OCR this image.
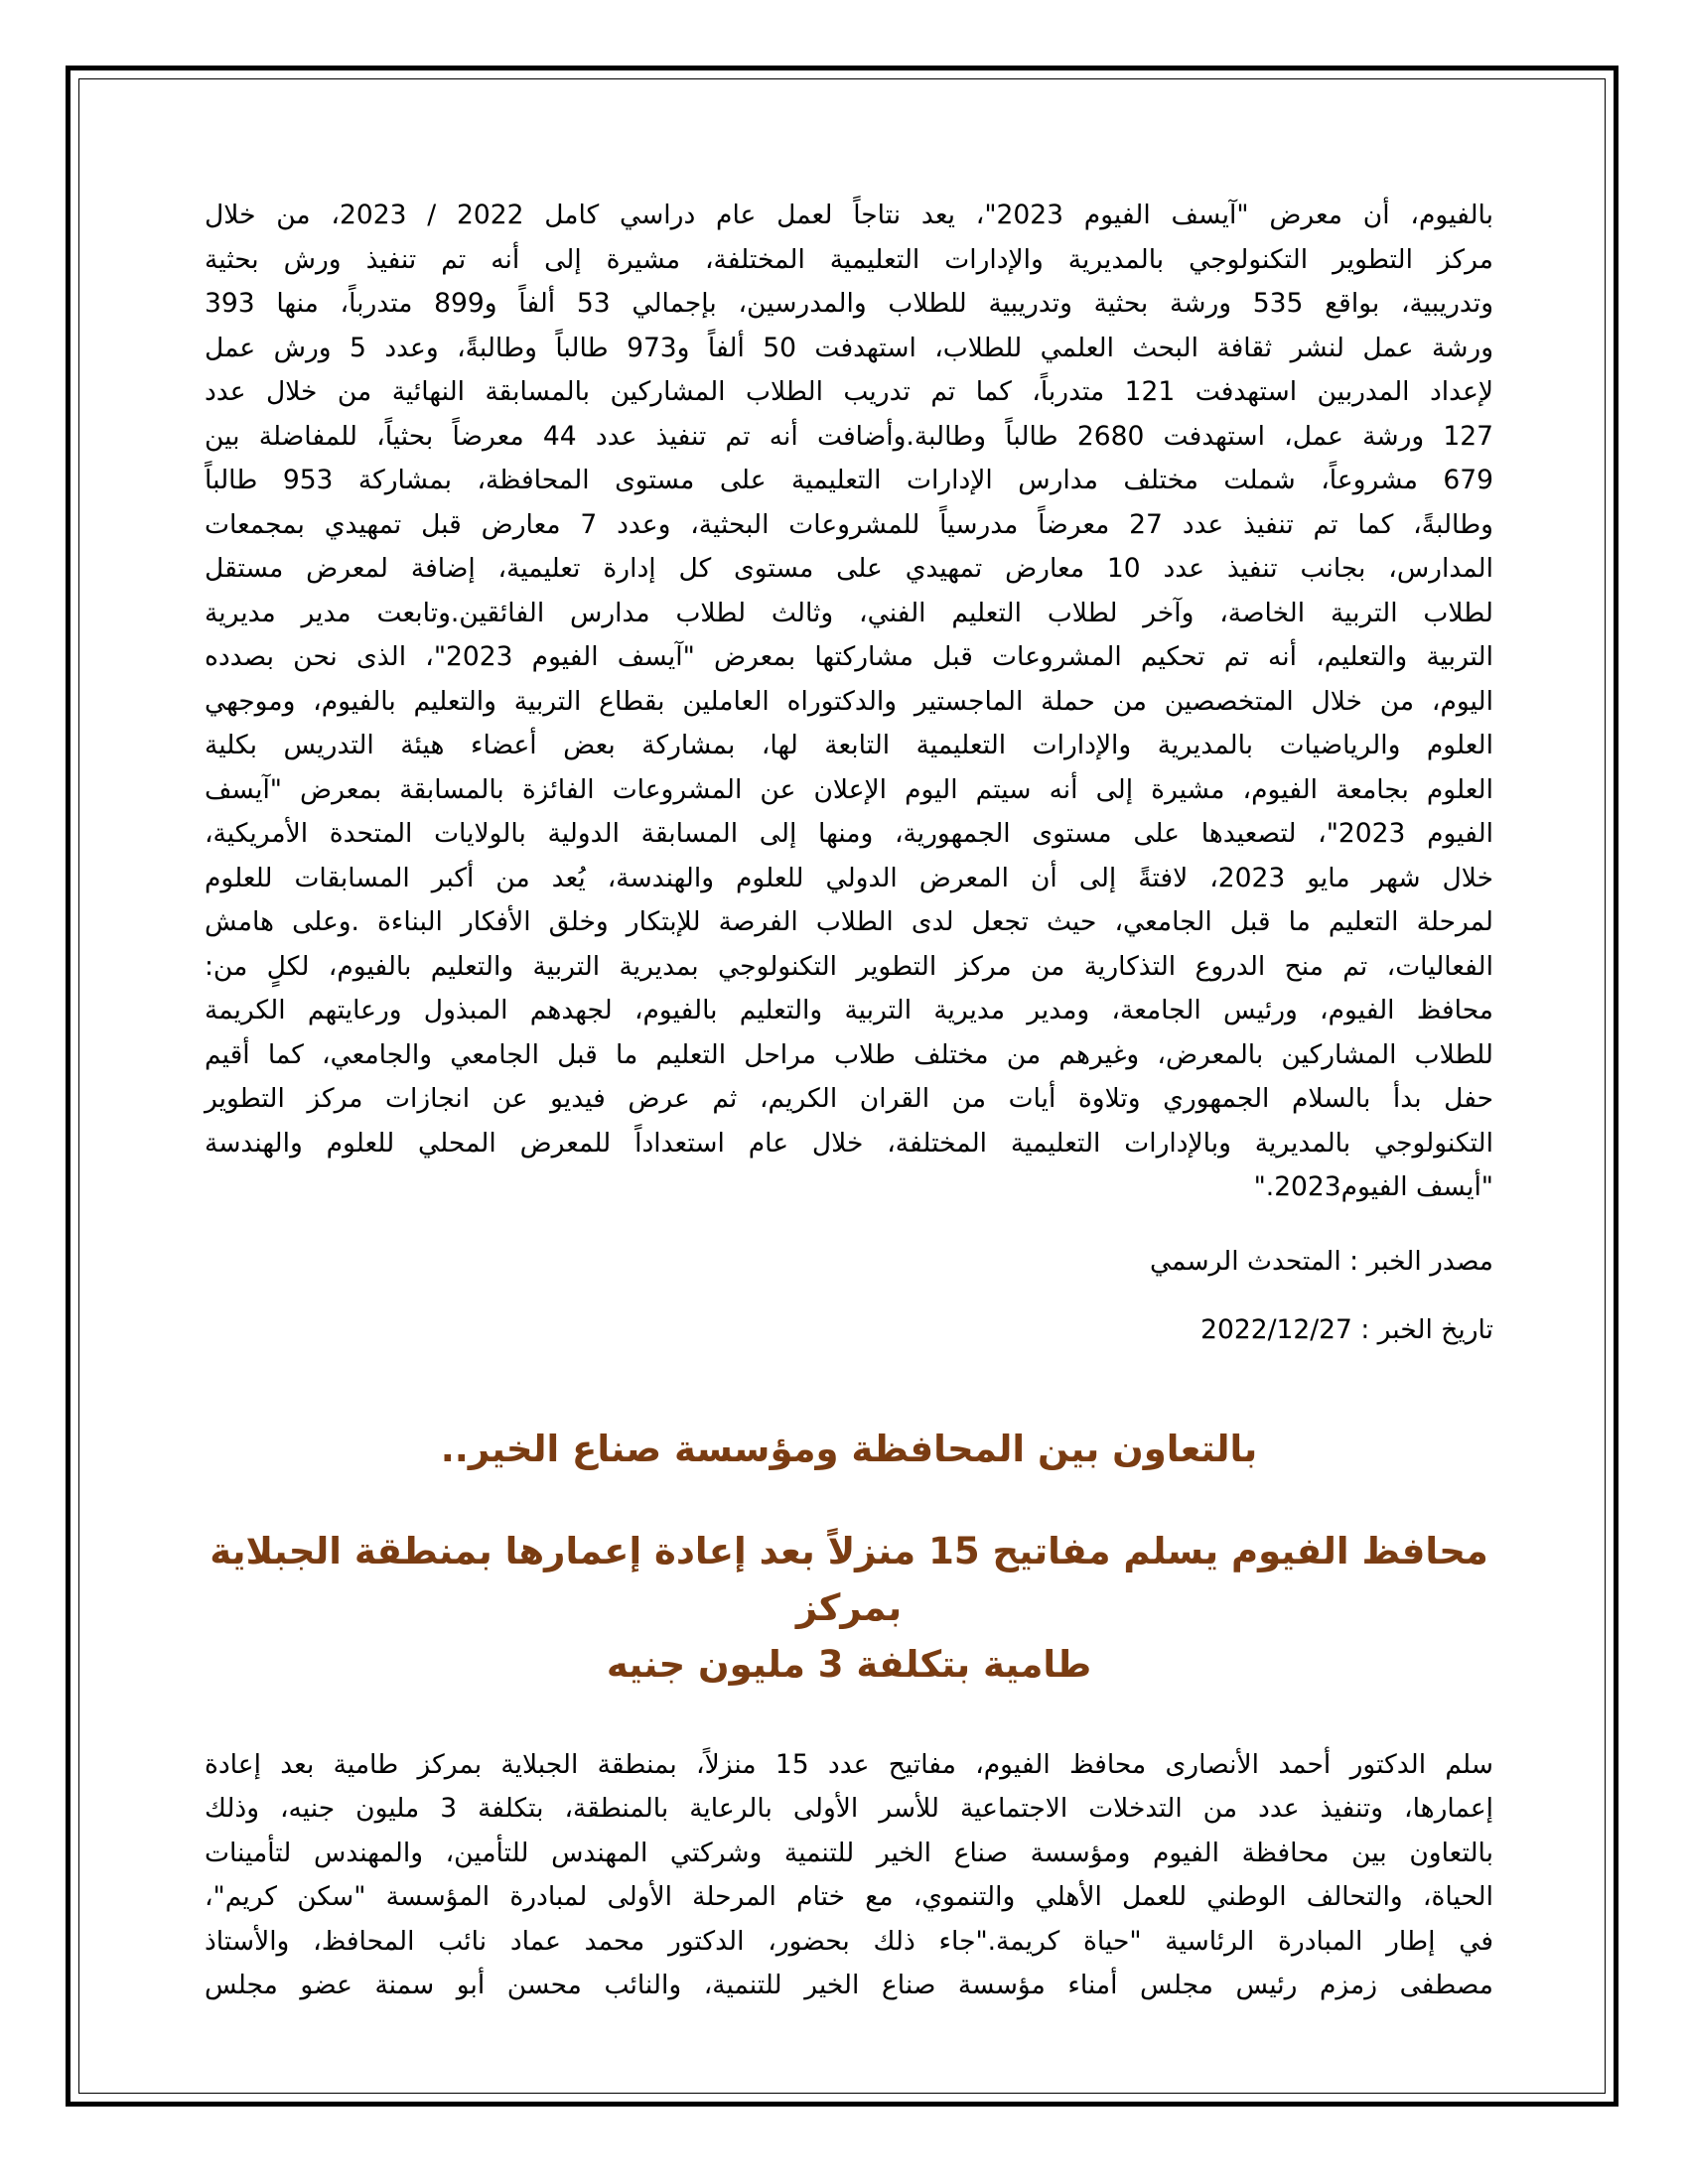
بالفيوم، أن معرض "آيسف الفيوم 2023"، يعد نتاجاً لعمل عام دراسي كامل 2022 / 2023، من خلال

مركز التطوير التكنولوجي بالمديرية والإدارات التعليمية المختلفة، مشيرة إلى أنه تم تنفيذ ورش بحثية

وتدريبية، بواقع 535 ورشة بحثية وتدريبية للطلاب والمدرسين، بإجمالي 53 ألفاً و899 متدرباً، منها 393

ورشة عمل لنشر ثقافة البحث العلمي للطلاب، استهدفت 50 ألفاً و973 طالباً وطالبةً، وعدد 5 ورش عمل

لإعداد المدربين استهدفت 121 متدرباً، كما تم تدريب الطلاب المشاركين بالمسابقة النهائية من خلال عدد

127 ورشة عمل، استهدفت 2680 طالباً وطالبة.وأضافت أنه تم تنفيذ عدد 44 معرضاً بحثياً، للمفاضلة بين

679 مشروعاً، شملت مختلف مدارس الإدارات التعليمية على مستوى المحافظة، بمشاركة 953 طالباً

وطالبةً، كما تم تنفيذ عدد 27 معرضاً مدرسياً للمشروعات البحثية، وعدد 7 معارض قبل تمهيدي بمجمعات

المدارس، بجانب تنفيذ عدد 10 معارض تمهيدي على مستوى كل إدارة تعليمية، إضافة لمعرض مستقل

لطلاب التربية الخاصة، وآخر لطلاب التعليم الفني، وثالث لطلاب مدارس الفائقين.وتابعت مدير مديرية

التربية والتعليم، أنه تم تحكيم المشروعات قبل مشاركتها بمعرض "آيسف الفيوم 2023"، الذى نحن بصدده

اليوم، من خلال المتخصصين من حملة الماجستير والدكتوراه العاملين بقطاع التربية والتعليم بالفيوم، وموجهي

العلوم والرياضيات بالمديرية والإدارات التعليمية التابعة لها، بمشاركة بعض أعضاء هيئة التدريس بكلية

العلوم بجامعة الفيوم، مشيرة إلى أنه سيتم اليوم الإعلان عن المشروعات الفائزة بالمسابقة بمعرض "آيسف

الفيوم 2023"، لتصعيدها على مستوى الجمهورية، ومنها إلى المسابقة الدولية بالولايات المتحدة الأمريكية،

خلال شهر مايو 2023، لافتةً إلى أن المعرض الدولي للعلوم والهندسة، يُعد من أكبر المسابقات للعلوم

لمرحلة التعليم ما قبل الجامعي، حيث تجعل لدى الطلاب الفرصة للإبتكار وخلق الأفكار البناءة .وعلى هامش

الفعاليات، تم منح الدروع التذكارية من مركز التطوير التكنولوجي بمديرية التربية والتعليم بالفيوم، لكلٍ من:

محافظ الفيوم، ورئيس الجامعة، ومدير مديرية التربية والتعليم بالفيوم، لجهدهم المبذول ورعايتهم الكريمة

للطلاب المشاركين بالمعرض، وغيرهم من مختلف طلاب مراحل التعليم ما قبل الجامعي والجامعي، كما أقيم

حفل بدأ بالسلام الجمهوري وتلاوة أيات من القران الكريم، ثم عرض فيديو عن انجازات مركز التطوير

التكنولوجي بالمديرية وبالإدارات التعليمية المختلفة، خلال عام استعداداً للمعرض المحلي للعلوم والهندسة

"أيسف الفيوم2023."

مصدر الخبر : المتحدث الرسمي

تاريخ الخبر : 2022/12/27

بالتعاون بين المحافظة ومؤسسة صناع الخير..

محافظ الفيوم يسلم مفاتيح 15 منزلاً بعد إعادة إعمارها بمنطقة الجبلاية بمركز

طامية بتكلفة 3 مليون جنيه

سلم الدكتور أحمد الأنصارى محافظ الفيوم، مفاتيح عدد 15 منزلاً، بمنطقة الجبلاية بمركز طامية بعد إعادة

إعمارها، وتنفيذ عدد من التدخلات الاجتماعية للأسر الأولى بالرعاية بالمنطقة، بتكلفة 3 مليون جنيه، وذلك

بالتعاون بين محافظة الفيوم ومؤسسة صناع الخير للتنمية وشركتي المهندس للتأمين، والمهندس لتأمينات

الحياة، والتحالف الوطني للعمل الأهلي والتنموي، مع ختام المرحلة الأولى لمبادرة المؤسسة "سكن كريم"،

في إطار المبادرة الرئاسية "حياة كريمة."جاء ذلك بحضور، الدكتور محمد عماد نائب المحافظ، والأستاذ

مصطفى زمزم رئيس مجلس أمناء مؤسسة صناع الخير للتنمية، والنائب محسن أبو سمنة عضو مجلس
